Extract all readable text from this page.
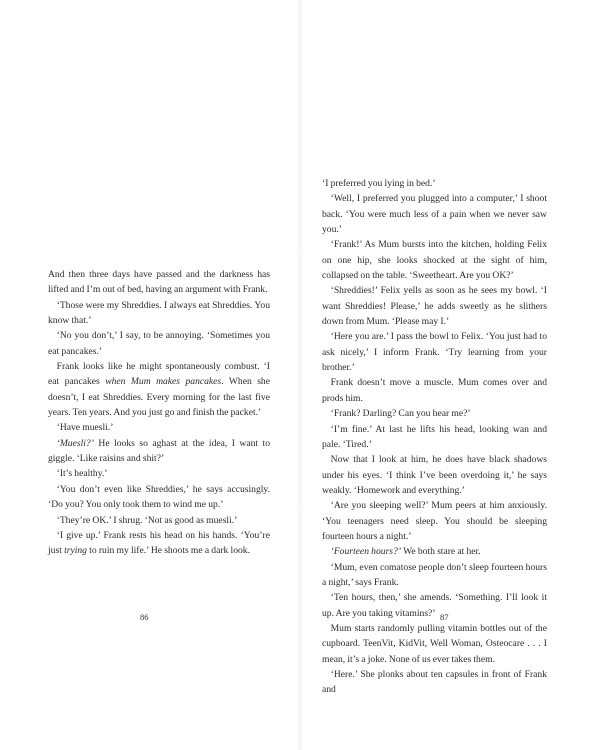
And then three days have passed and the darkness has lifted and I’m out of bed, having an argument with Frank.

‘Those were my Shreddies. I always eat Shreddies. You know that.’

‘No you don’t,’ I say, to be annoying. ‘Sometimes you eat pancakes.’

Frank looks like he might spontaneously combust. ‘I eat pancakes when Mum makes pancakes. When she doesn’t, I eat Shreddies. Every morning for the last five years. Ten years. And you just go and finish the packet.’

‘Have muesli.’

‘Muesli?’ He looks so aghast at the idea, I want to giggle. ‘Like raisins and shit?’

‘It’s healthy.’

‘You don’t even like Shreddies,’ he says accusingly. ‘Do you? You only took them to wind me up.’

‘They’re OK.’ I shrug. ‘Not as good as muesli.’

‘I give up.’ Frank rests his head on his hands. ‘You’re just trying to ruin my life.’ He shoots me a dark look.

86

‘I preferred you lying in bed.’

‘Well, I preferred you plugged into a computer,’ I shoot back. ‘You were much less of a pain when we never saw you.’

‘Frank!’ As Mum bursts into the kitchen, holding Felix on one hip, she looks shocked at the sight of him, collapsed on the table. ‘Sweetheart. Are you OK?’

‘Shreddies!’ Felix yells as soon as he sees my bowl. ‘I want Shreddies! Please,’ he adds sweetly as he slithers down from Mum. ‘Please may I.’

‘Here you are.’ I pass the bowl to Felix. ‘You just had to ask nicely,’ I inform Frank. ‘Try learning from your brother.’

Frank doesn’t move a muscle. Mum comes over and prods him.

‘Frank? Darling? Can you hear me?’

‘I’m fine.’ At last he lifts his head, looking wan and pale. ‘Tired.’

Now that I look at him, he does have black shadows under his eyes. ‘I think I’ve been overdoing it,’ he says weakly. ‘Homework and everything.’

‘Are you sleeping well?’ Mum peers at him anxiously. ‘You teenagers need sleep. You should be sleeping fourteen hours a night.’

‘Fourteen hours?’ We both stare at her.

‘Mum, even comatose people don’t sleep fourteen hours a night,’ says Frank.

‘Ten hours, then,’ she amends. ‘Something. I’ll look it up. Are you taking vitamins?’

Mum starts randomly pulling vitamin bottles out of the cupboard. TeenVit, KidVit, Well Woman, Osteocare . . . I mean, it’s a joke. None of us ever takes them.

‘Here.’ She plonks about ten capsules in front of Frank and

87
